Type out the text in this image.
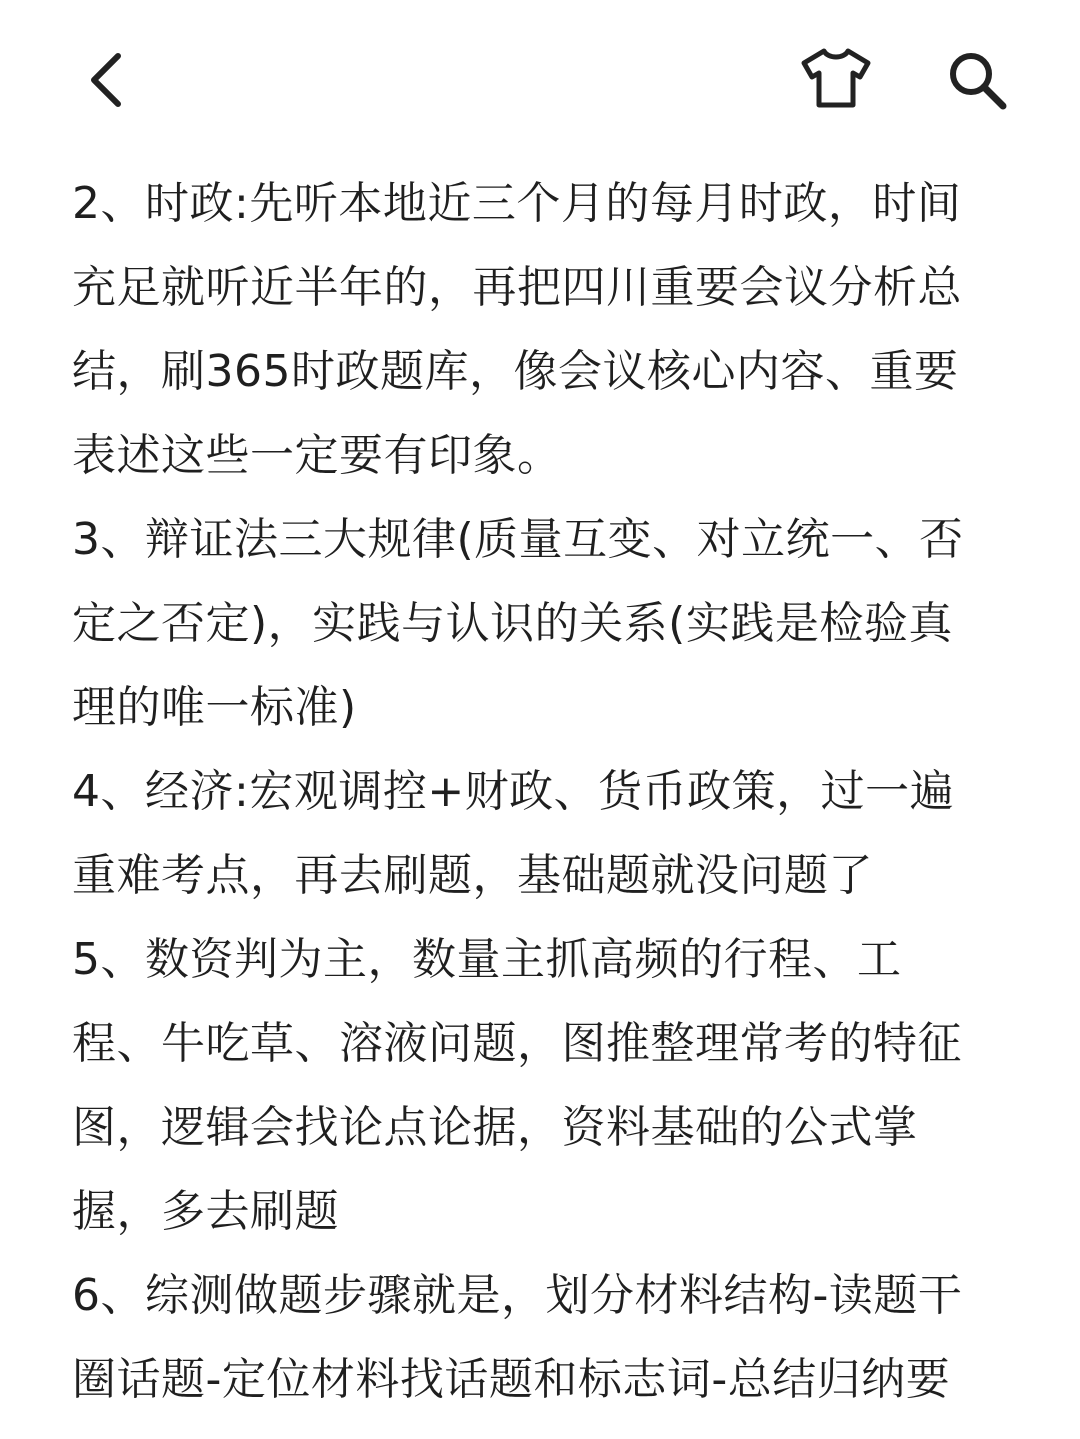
2、时政:先听本地近三个月的每月时政，时间
充足就听近半年的，再把四川重要会议分析总
结，刷365时政题库，像会议核心内容、重要
表述这些一定要有印象。
3、辩证法三大规律(质量互变、对立统一、否
定之否定)，实践与认识的关系(实践是检验真
理的唯一标准)
4、经济:宏观调控+财政、货币政策，过一遍
重难考点，再去刷题，基础题就没问题了
5、数资判为主，数量主抓高频的行程、工
程、牛吃草、溶液问题，图推整理常考的特征
图，逻辑会找论点论据，资料基础的公式掌
握，多去刷题
6、综测做题步骤就是，划分材料结构-读题干
圈话题-定位材料找话题和标志词-总结归纳要
